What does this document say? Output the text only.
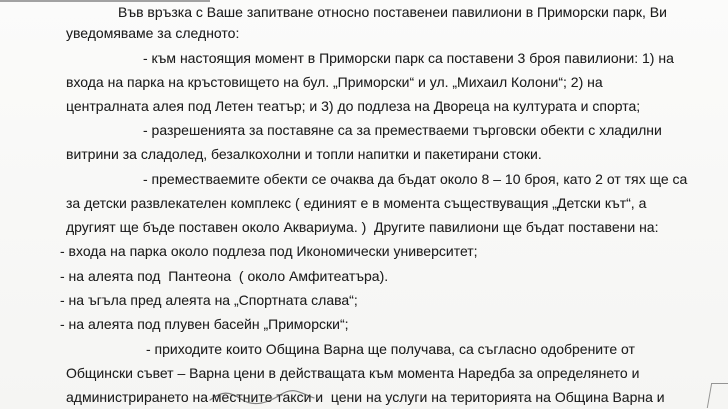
Във връзка с Ваше запитване относно поставенеи павилиони в Приморски парк, Ви

уведомяваме за следното:

- към настоящия момент в Приморски парк са поставени 3 броя павилиони: 1) на

входа на парка на кръстовището на бул. „Приморски“ и ул. „Михаил Колони“; 2) на

централната алея под Летен театър; и 3) до подлеза на Двореца на културата и спорта;

- разрешенията за поставяне са за преместваеми търговски обекти с хладилни

витрини за сладолед, безалкохолни и топли напитки и пакетирани стоки.

- преместваемите обекти се очаква да бъдат около 8 – 10 броя, като 2 от тях ще са

за детски развлекателен комплекс ( единият е в момента съществуващия „Детски кът“, а

другият ще бъде поставен около Аквариума. )  Другите павилиони ще бъдат поставени на:

- входа на парка около подлеза под Икономически университет;

- на алеята под  Пантеона  ( около Амфитеатъра).

- на ъгъла пред алеята на „Спортната слава“;

- на алеята под плувен басейн „Приморски“;

- приходите които Община Варна ще получава, са съгласно одобрените от

Общински съвет – Варна цени в действащата към момента Наредба за определянето и

администрирането на местните такси и  цени на услуги на територията на Община Варна и
